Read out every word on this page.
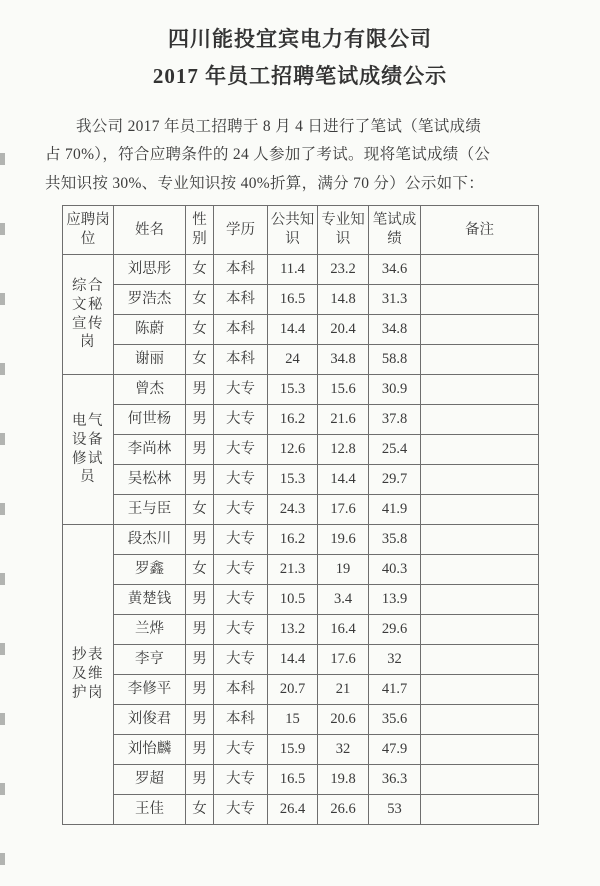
四川能投宜宾电力有限公司
2017 年员工招聘笔试成绩公示

我公司 2017 年员工招聘于 8 月 4 日进行了笔试（笔试成绩
占 70%），符合应聘条件的 24 人参加了考试。现将笔试成绩（公
共知识按 30%、专业知识按 40%折算，满分 70 分）公示如下：

应聘岗位	姓名	性别	学历	公共知识	专业知识	笔试成绩	备注
综合文秘宣传岗	刘思彤	女	本科	11.4	23.2	34.6	
	罗浩杰	女	本科	16.5	14.8	31.3	
	陈蔚	女	本科	14.4	20.4	34.8	
	谢丽	女	本科	24	34.8	58.8	
电气设备修试员	曾杰	男	大专	15.3	15.6	30.9	
	何世杨	男	大专	16.2	21.6	37.8	
	李尚林	男	大专	12.6	12.8	25.4	
	吴松林	男	大专	15.3	14.4	29.7	
	王与臣	女	大专	24.3	17.6	41.9	
抄表及维护岗	段杰川	男	大专	16.2	19.6	35.8	
	罗鑫	女	大专	21.3	19	40.3	
	黄楚钱	男	大专	10.5	3.4	13.9	
	兰烨	男	大专	13.2	16.4	29.6	
	李亨	男	大专	14.4	17.6	32	
	李修平	男	本科	20.7	21	41.7	
	刘俊君	男	本科	15	20.6	35.6	
	刘怡麟	男	大专	15.9	32	47.9	
	罗超	男	大专	16.5	19.8	36.3	
	王佳	女	大专	26.4	26.6	53	
